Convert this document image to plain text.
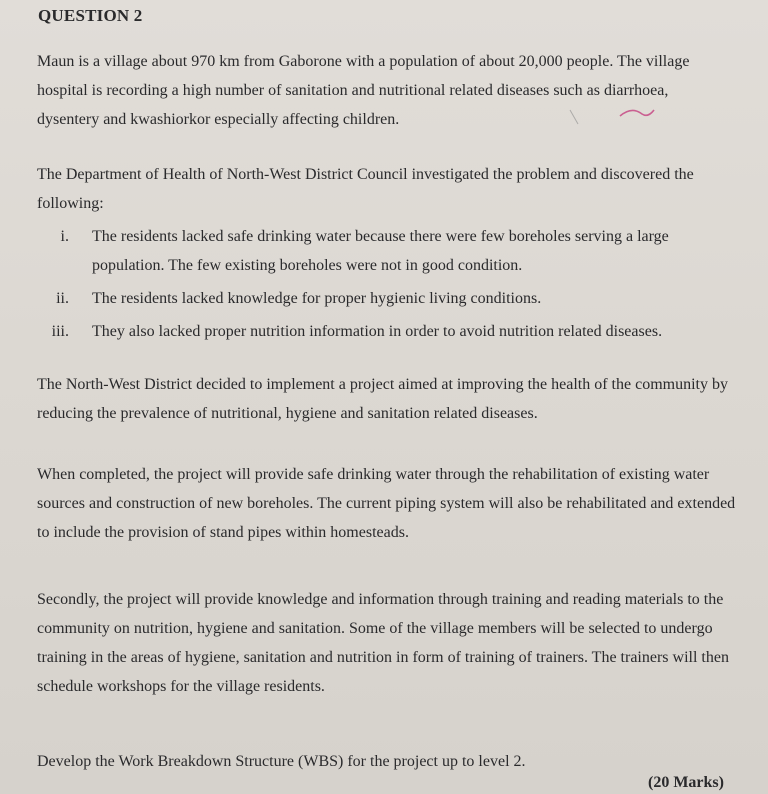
QUESTION 2

Maun is a village about 970 km from Gaborone with a population of about 20,000 people. The village hospital is recording a high number of sanitation and nutritional related diseases such as diarrhoea, dysentery and kwashiorkor especially affecting children.

The Department of Health of North-West District Council investigated the problem and discovered the following:

i. The residents lacked safe drinking water because there were few boreholes serving a large population. The few existing boreholes were not in good condition.
ii. The residents lacked knowledge for proper hygienic living conditions.
iii. They also lacked proper nutrition information in order to avoid nutrition related diseases.

The North-West District decided to implement a project aimed at improving the health of the community by reducing the prevalence of nutritional, hygiene and sanitation related diseases.

When completed, the project will provide safe drinking water through the rehabilitation of existing water sources and construction of new boreholes. The current piping system will also be rehabilitated and extended to include the provision of stand pipes within homesteads.

Secondly, the project will provide knowledge and information through training and reading materials to the community on nutrition, hygiene and sanitation. Some of the village members will be selected to undergo training in the areas of hygiene, sanitation and nutrition in form of training of trainers. The trainers will then schedule workshops for the village residents.

Develop the Work Breakdown Structure (WBS) for the project up to level 2.
(20 Marks)
